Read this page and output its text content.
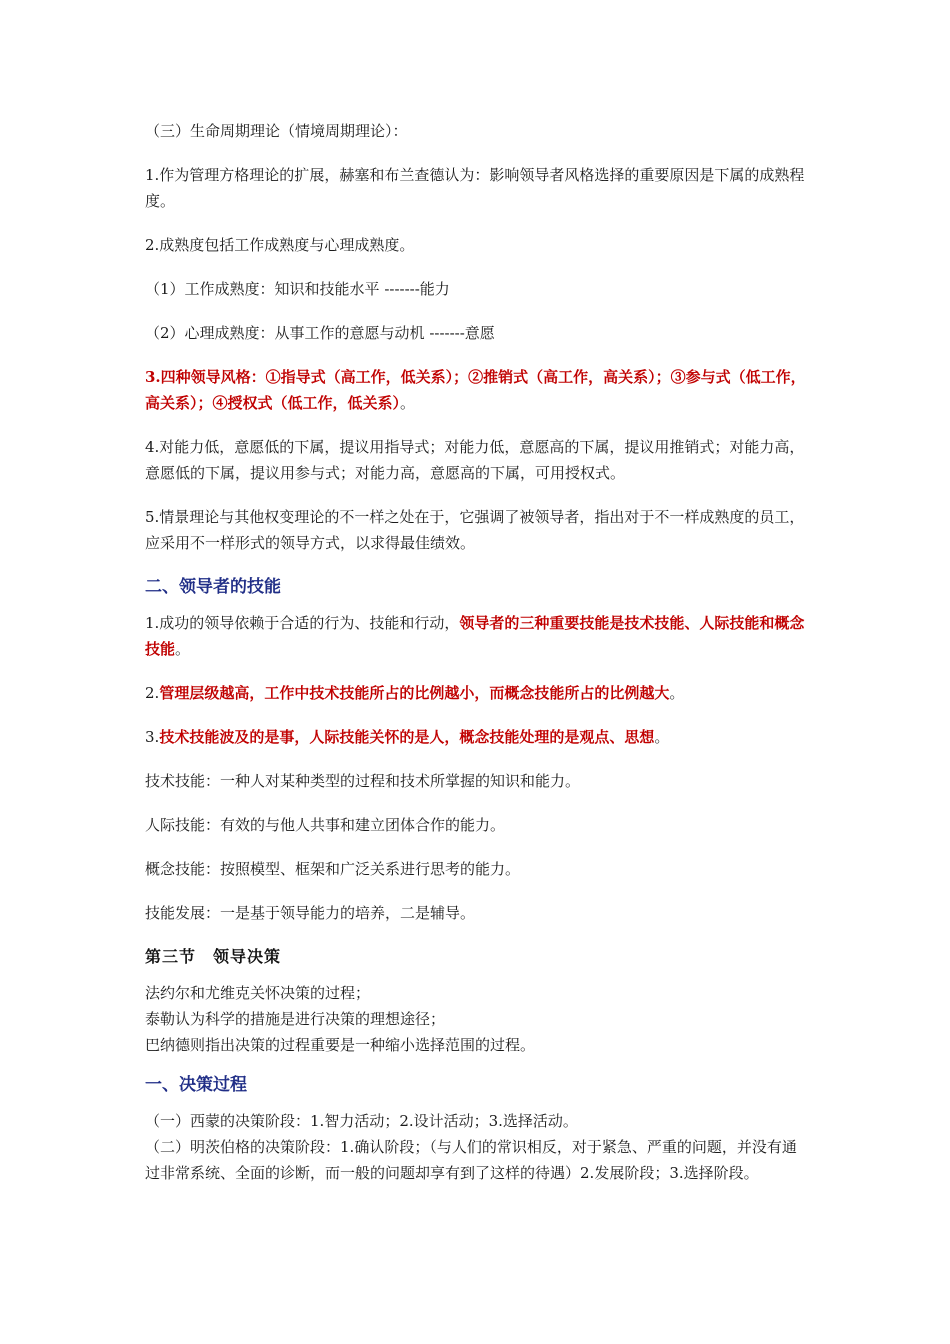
（三）生命周期理论（情境周期理论）：

1.作为管理方格理论的扩展，赫塞和布兰查德认为：影响领导者风格选择的重要原因是下属的成熟程度。

2.成熟度包括工作成熟度与心理成熟度。

（1）工作成熟度：知识和技能水平 -------能力

（2）心理成熟度：从事工作的意愿与动机 -------意愿

3.四种领导风格：①指导式（高工作，低关系）；②推销式（高工作，高关系）；③参与式（低工作，高关系）；④授权式（低工作，低关系）。

4.对能力低，意愿低的下属，提议用指导式；对能力低，意愿高的下属，提议用推销式；对能力高，意愿低的下属，提议用参与式；对能力高，意愿高的下属，可用授权式。

5.情景理论与其他权变理论的不一样之处在于，它强调了被领导者，指出对于不一样成熟度的员工，应采用不一样形式的领导方式，以求得最佳绩效。

二、领导者的技能

1.成功的领导依赖于合适的行为、技能和行动，领导者的三种重要技能是技术技能、人际技能和概念技能。

2.管理层级越高，工作中技术技能所占的比例越小，而概念技能所占的比例越大。

3.技术技能波及的是事，人际技能关怀的是人，概念技能处理的是观点、思想。

技术技能：一种人对某种类型的过程和技术所掌握的知识和能力。

人际技能：有效的与他人共事和建立团体合作的能力。

概念技能：按照模型、框架和广泛关系进行思考的能力。

技能发展：一是基于领导能力的培养，二是辅导。

第三节　领导决策
法约尔和尤维克关怀决策的过程；
泰勒认为科学的措施是进行决策的理想途径；
巴纳德则指出决策的过程重要是一种缩小选择范围的过程。
一、决策过程
（一）西蒙的决策阶段：1.智力活动；2.设计活动；3.选择活动。
（二）明茨伯格的决策阶段：1.确认阶段；（与人们的常识相反，对于紧急、严重的问题，并没有通过非常系统、全面的诊断，而一般的问题却享有到了这样的待遇）2.发展阶段；3.选择阶段。
